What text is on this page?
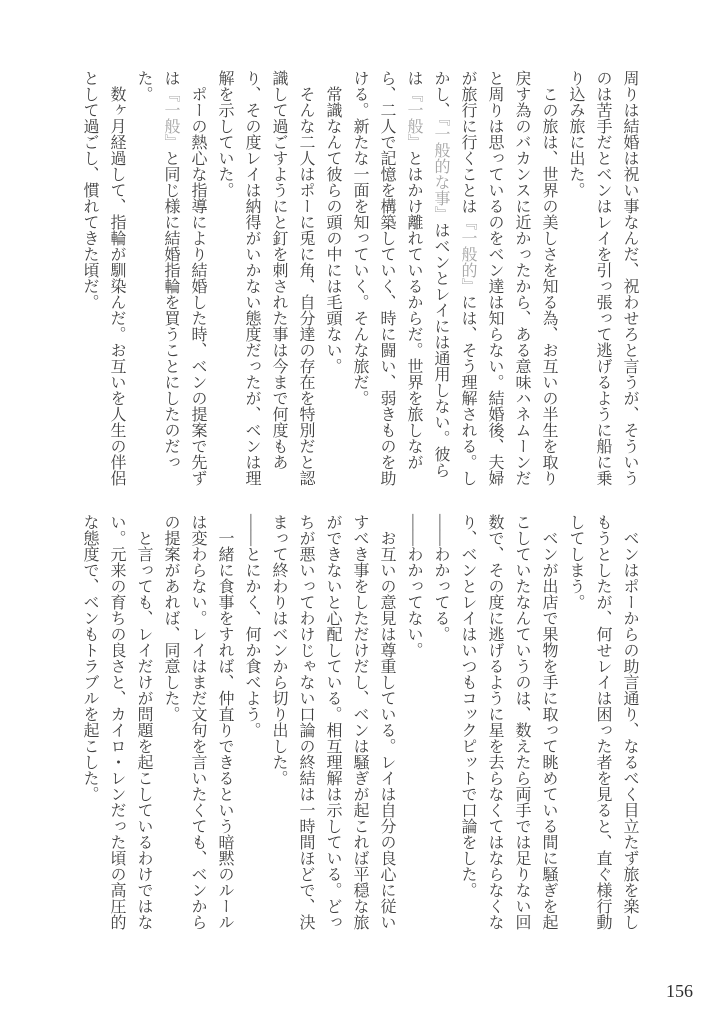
周りは結婚は祝い事なんだ、祝わせろと言うが、そういうのは苦手だとベンはレイを引っ張って逃げるように船に乗り込み旅に出た。

この旅は、世界の美しさを知る為、お互いの半生を取り戻す為のバカンスに近かったから、ある意味ハネムーンだと周りは思っているのをベン達は知らない。結婚後、夫婦が旅行に行くことは『一般的』には、そう理解される。しかし、『一般的な事』はベンとレイには通用しない。彼らは『一般』とはかけ離れているからだ。世界を旅しながら、二人で記憶を構築していく、時に闘い、弱きものを助ける。新たな一面を知っていく。そんな旅だ。

常識なんて彼らの頭の中には毛頭ない。

そんな二人はポーに兎に角、自分達の存在を特別だと認識して過ごすようにと釘を刺された事は今まで何度もあり、その度レイは納得がいかない態度だったが、ベンは理解を示していた。

ポーの熱心な指導により結婚した時、ベンの提案で先ずは『一般』と同じ様に結婚指輪を買うことにしたのだった。

数ヶ月経過して、指輪が馴染んだ。お互いを人生の伴侶として過ごし、慣れてきた頃だ。

ベンはポーからの助言通り、なるべく目立たず旅を楽しもうとしたが、何せレイは困った者を見ると、直ぐ様行動してしまう。

ベンが出店で果物を手に取って眺めている間に騒ぎを起こしていたなんていうのは、数えたら両手では足りない回数で、その度に逃げるように星を去らなくてはならなくなり、ベンとレイはいつもコックピットで口論をした。

――わかってる。

――わかってない。

お互いの意見は尊重している。レイは自分の良心に従いすべき事をしただけだし、ベンは騒ぎが起これば平穏な旅ができないと心配している。相互理解は示している。どっちが悪いってわけじゃない口論の終結は一時間ほどで、決まって終わりはベンから切り出した。

――とにかく、何か食べよう。

一緒に食事をすれば、仲直りできるという暗黙のルールは変わらない。レイはまだ文句を言いたくても、ベンからの提案があれば、同意した。

と言っても、レイだけが問題を起こしているわけではない。元来の育ちの良さと、カイロ・レンだった頃の高圧的な態度で、ベンもトラブルを起こした。

156
